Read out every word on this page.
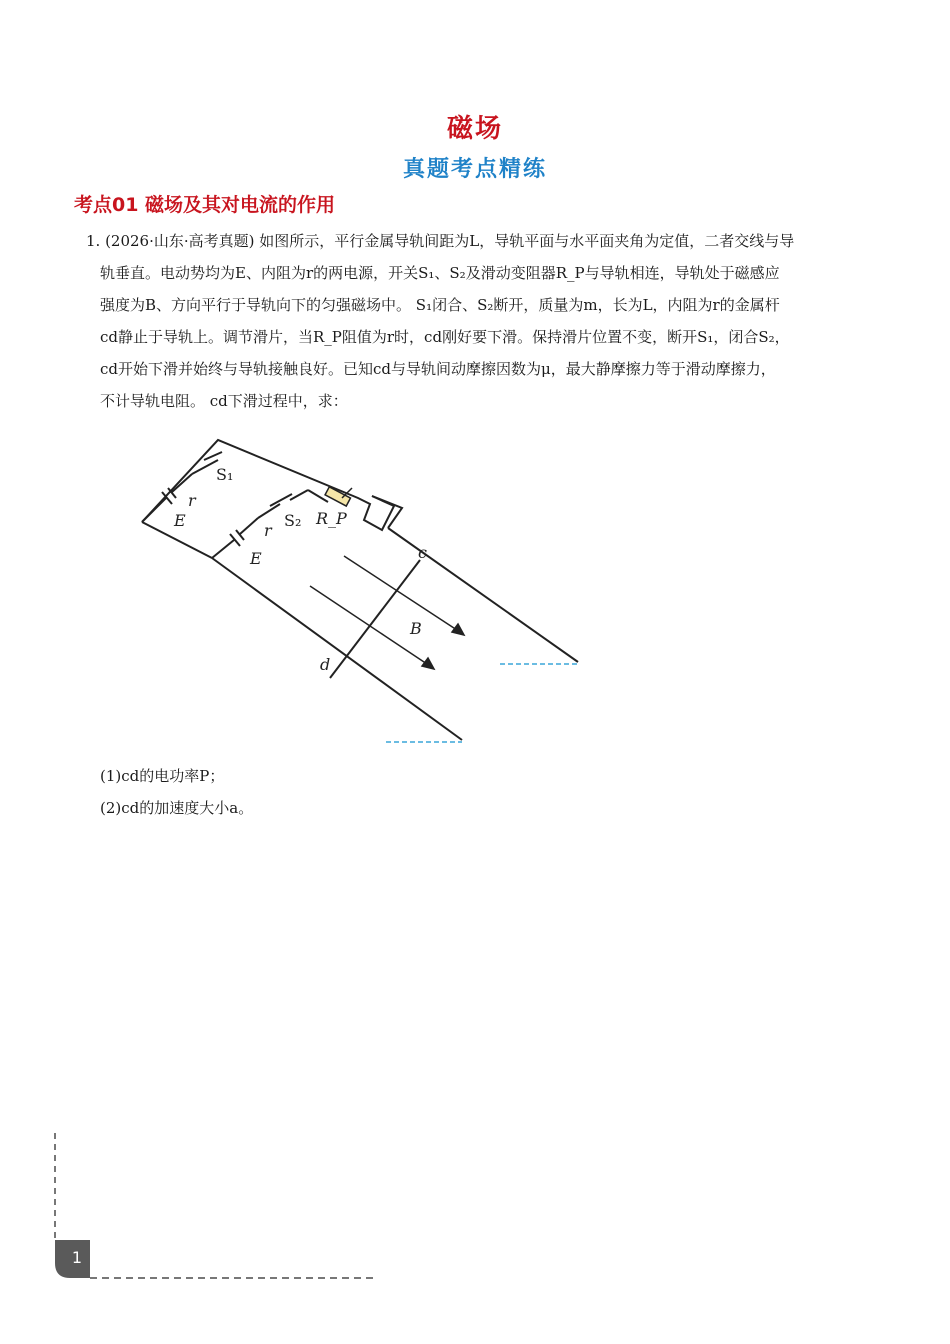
磁场
真题考点精练
考点01 磁场及其对电流的作用
1. (2026·山东·高考真题) 如图所示，平行金属导轨间距为L，导轨平面与水平面夹角为定值，二者交线与导
轨垂直。电动势均为E、内阻为r的两电源，开关S₁、S₂及滑动变阻器R_P与导轨相连，导轨处于磁感应
强度为B、方向平行于导轨向下的匀强磁场中。 S₁闭合、S₂断开，质量为m，长为L，内阻为r的金属杆
cd静止于导轨上。调节滑片，当R_P阻值为r时，cd刚好要下滑。保持滑片位置不变，断开S₁，闭合S₂，
cd开始下滑并始终与导轨接触良好。已知cd与导轨间动摩擦因数为μ，最大静摩擦力等于滑动摩擦力，
不计导轨电阻。 cd下滑过程中，求：
S₁
r
E	S₂
r
E
R_P
c
d
B
(1)cd的电功率P；
(2)cd的加速度大小a。
1
